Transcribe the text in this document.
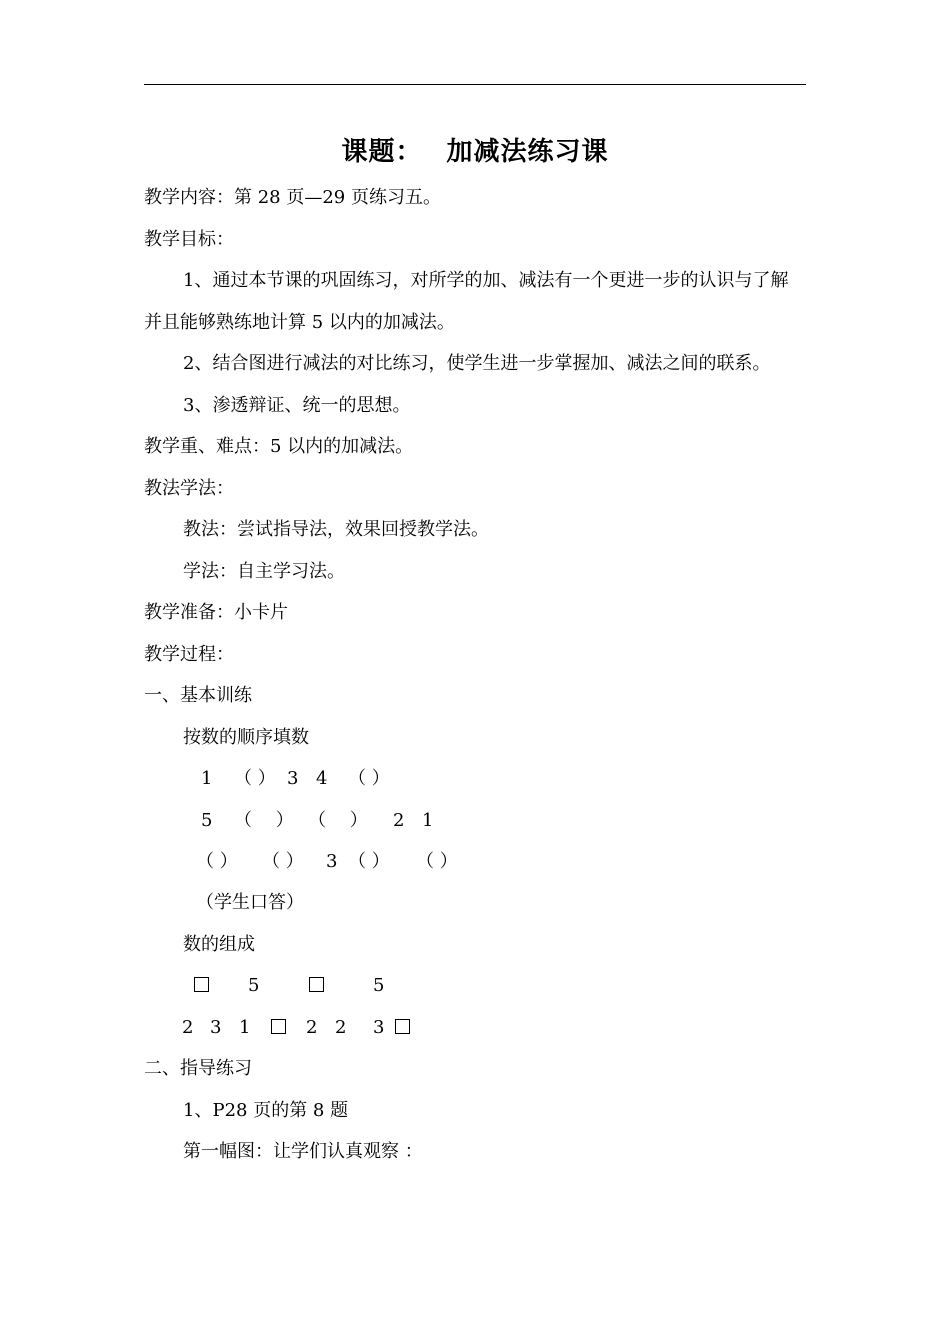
课题： 加减法练习课
教学内容：第 28 页—29 页练习五。
教学目标：
1、通过本节课的巩固练习，对所学的加、减法有一个更进一步的认识与了解
并且能够熟练地计算 5 以内的加减法。
2、结合图进行减法的对比练习，使学生进一步掌握加、减法之间的联系。
3、渗透辩证、统一的思想。
教学重、难点：5 以内的加减法。
教法学法：
教法：尝试指导法，效果回授教学法。
学法：自主学习法。
教学准备：小卡片
教学过程：
一、基本训练
按数的顺序填数
1 （ ） 3 4 （ ）
5 （　 ） （　 ） 2 1
（ ） （ ） 3 （ ） （ ）
（学生口答）
数的组成
5	5
2 3 1	2 2 3
二、指导练习
1、P28 页的第 8 题
第一幅图：让学们认真观察 ：
